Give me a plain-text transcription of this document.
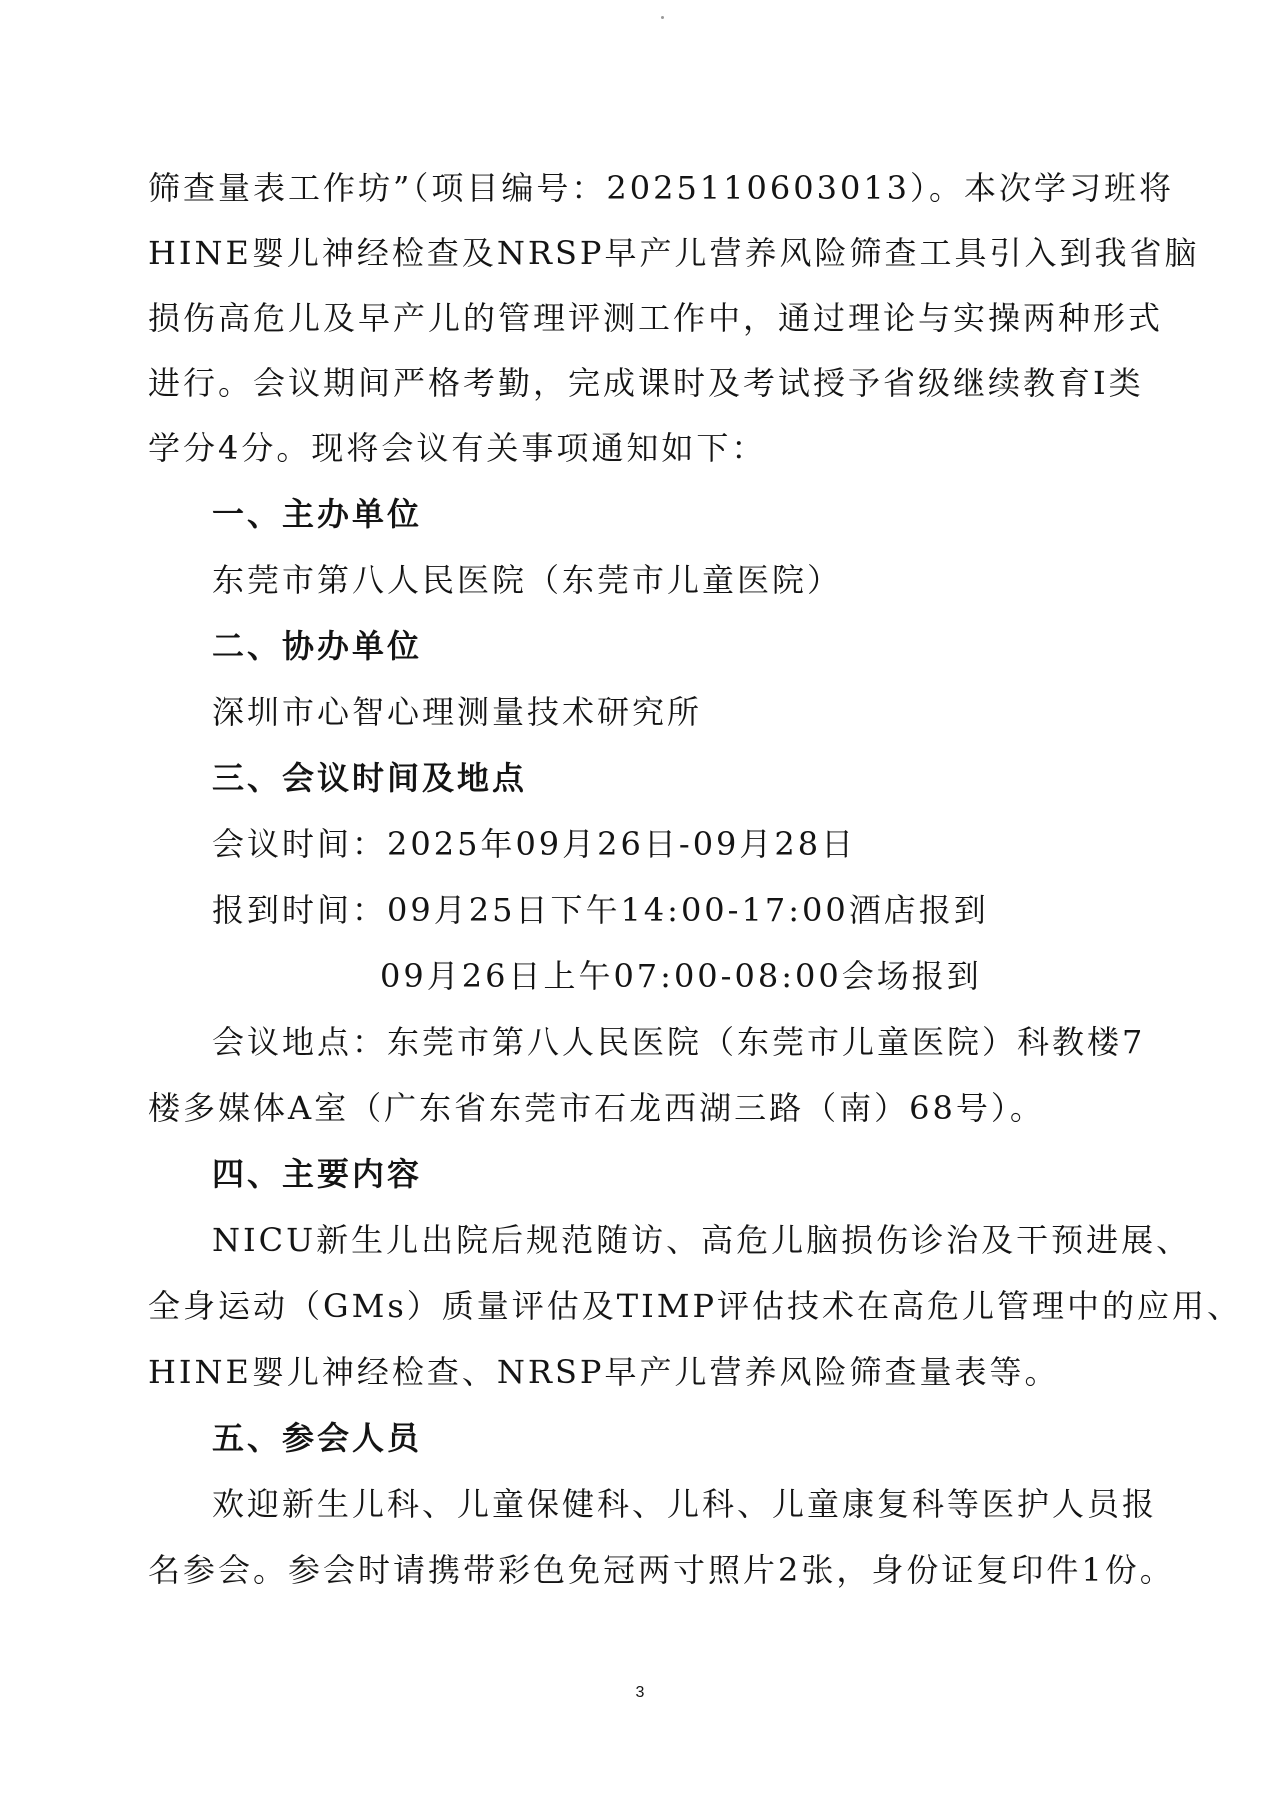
筛查量表工作坊”（项目编号：2025110603013）。本次学习班将
HINE婴儿神经检查及NRSP早产儿营养风险筛查工具引入到我省脑
损伤高危儿及早产儿的管理评测工作中，通过理论与实操两种形式
进行。会议期间严格考勤，完成课时及考试授予省级继续教育Ⅰ类
学分4分。现将会议有关事项通知如下：
一、主办单位
东莞市第八人民医院（东莞市儿童医院）
二、协办单位
深圳市心智心理测量技术研究所
三、会议时间及地点
会议时间：2025年09月26日-09月28日
报到时间：09月25日下午14:00-17:00酒店报到
09月26日上午07:00-08:00会场报到
会议地点：东莞市第八人民医院（东莞市儿童医院）科教楼7
楼多媒体A室（广东省东莞市石龙西湖三路（南）68号）。
四、主要内容
NICU新生儿出院后规范随访、高危儿脑损伤诊治及干预进展、
全身运动（GMs）质量评估及TIMP评估技术在高危儿管理中的应用、
HINE婴儿神经检查、NRSP早产儿营养风险筛查量表等。
五、参会人员
欢迎新生儿科、儿童保健科、儿科、儿童康复科等医护人员报
名参会。参会时请携带彩色免冠两寸照片2张，身份证复印件1份。
3
